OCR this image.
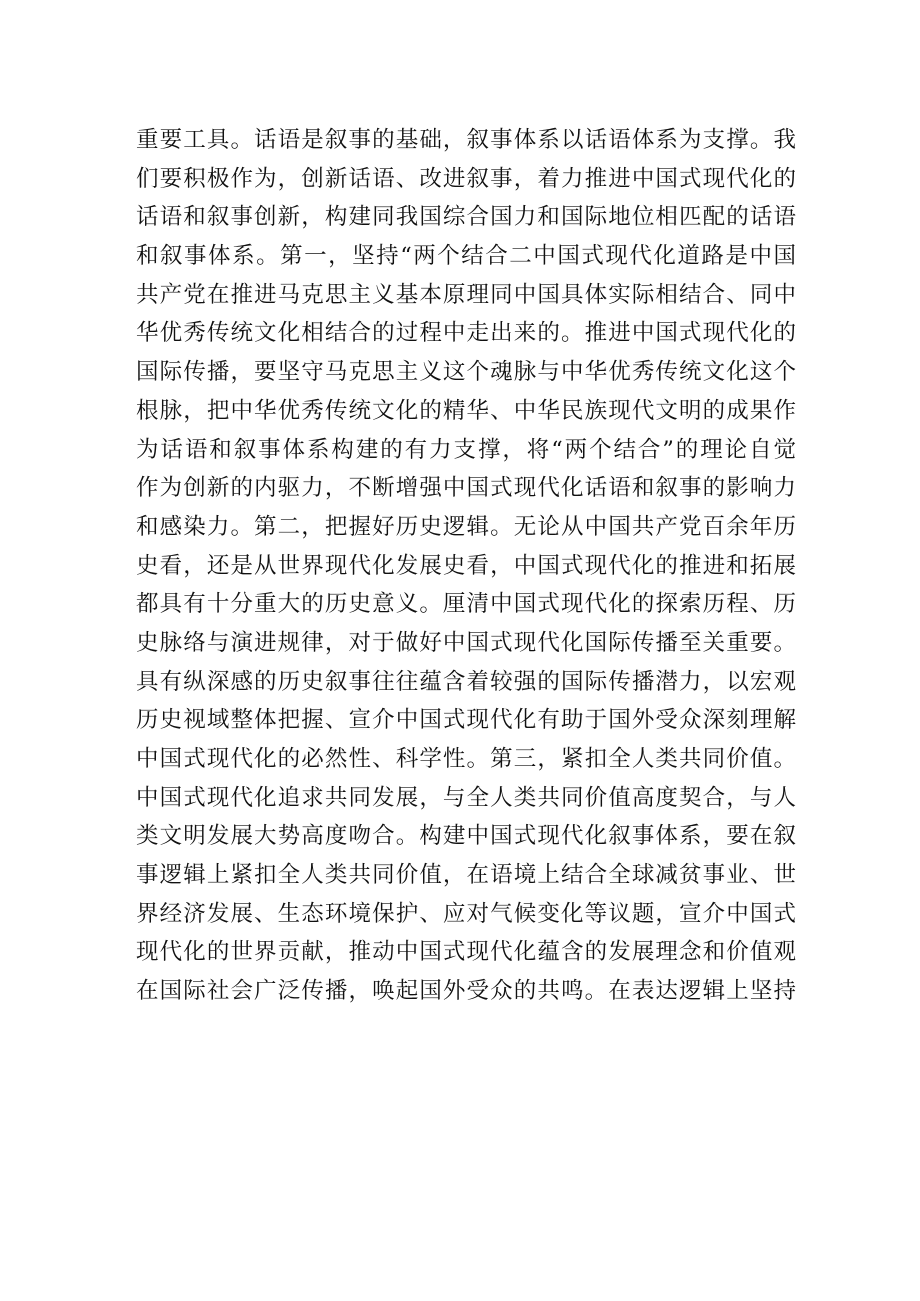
重要工具。话语是叙事的基础，叙事体系以话语体系为支撑。我
们要积极作为，创新话语、改进叙事，着力推进中国式现代化的
话语和叙事创新，构建同我国综合国力和国际地位相匹配的话语
和叙事体系。第一，坚持“两个结合二中国式现代化道路是中国
共产党在推进马克思主义基本原理同中国具体实际相结合、同中
华优秀传统文化相结合的过程中走出来的。推进中国式现代化的
国际传播，要坚守马克思主义这个魂脉与中华优秀传统文化这个
根脉，把中华优秀传统文化的精华、中华民族现代文明的成果作
为话语和叙事体系构建的有力支撑，将“两个结合”的理论自觉
作为创新的内驱力，不断增强中国式现代化话语和叙事的影响力
和感染力。第二，把握好历史逻辑。无论从中国共产党百余年历
史看，还是从世界现代化发展史看，中国式现代化的推进和拓展
都具有十分重大的历史意义。厘清中国式现代化的探索历程、历
史脉络与演进规律，对于做好中国式现代化国际传播至关重要。
具有纵深感的历史叙事往往蕴含着较强的国际传播潜力，以宏观
历史视域整体把握、宣介中国式现代化有助于国外受众深刻理解
中国式现代化的必然性、科学性。第三，紧扣全人类共同价值。
中国式现代化追求共同发展，与全人类共同价值高度契合，与人
类文明发展大势高度吻合。构建中国式现代化叙事体系，要在叙
事逻辑上紧扣全人类共同价值，在语境上结合全球减贫事业、世
界经济发展、生态环境保护、应对气候变化等议题，宣介中国式
现代化的世界贡献，推动中国式现代化蕴含的发展理念和价值观
在国际社会广泛传播，唤起国外受众的共鸣。在表达逻辑上坚持
